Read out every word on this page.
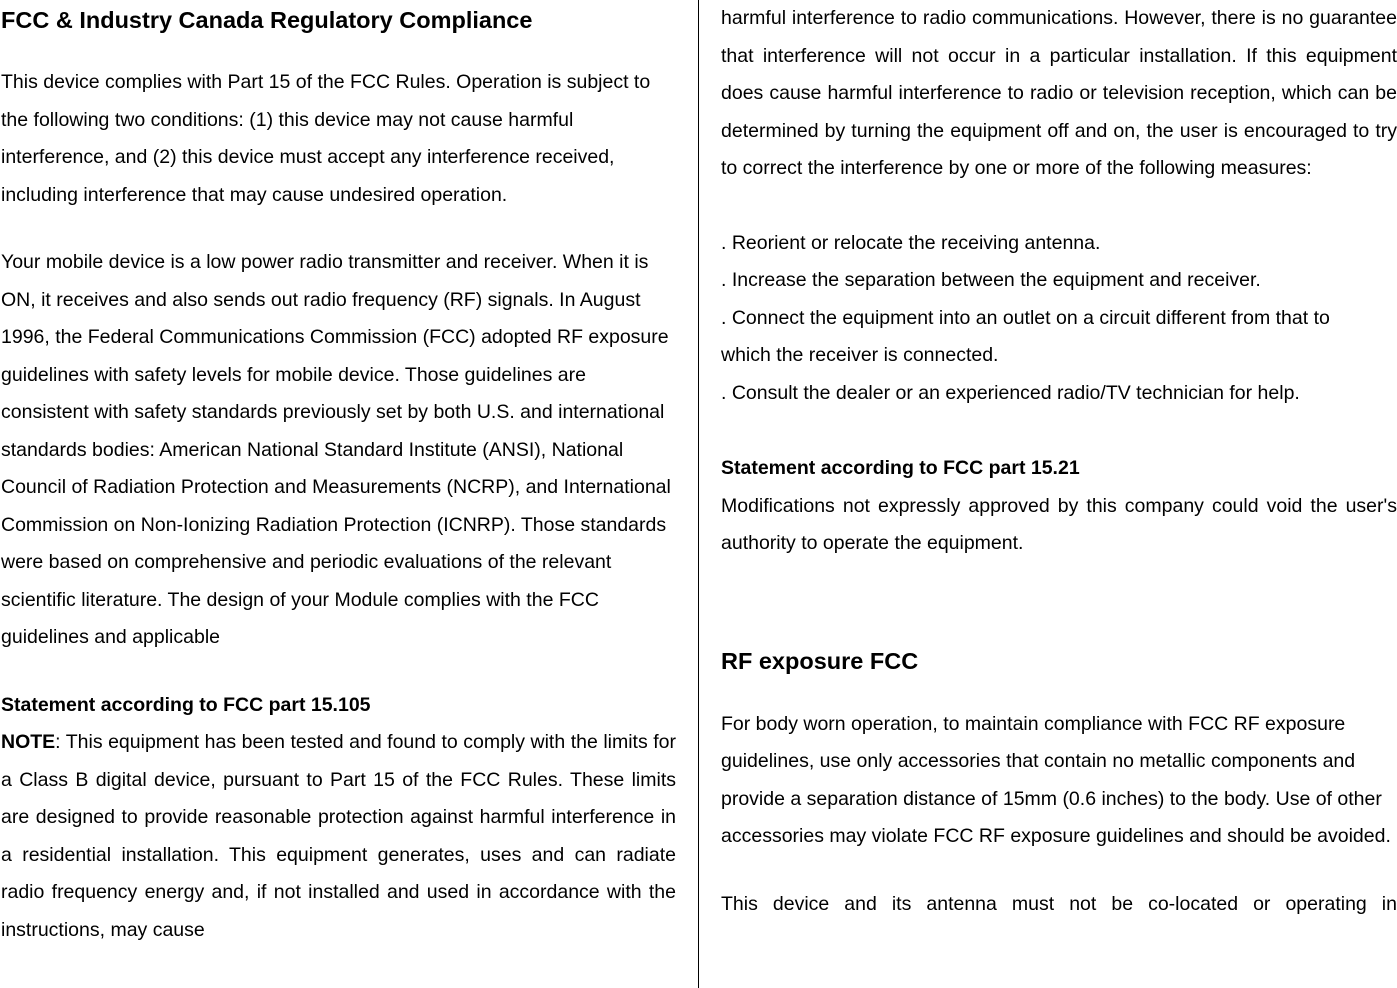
FCC & Industry Canada Regulatory Compliance

This device complies with Part 15 of the FCC Rules. Operation is subject to the following two conditions: (1) this device may not cause harmful interference, and (2) this device must accept any interference received, including interference that may cause undesired operation.

Your mobile device is a low power radio transmitter and receiver. When it is ON, it receives and also sends out radio frequency (RF) signals. In August 1996, the Federal Communications Commission (FCC) adopted RF exposure guidelines with safety levels for mobile device. Those guidelines are consistent with safety standards previously set by both U.S. and international standards bodies: American National Standard Institute (ANSI), National Council of Radiation Protection and Measurements (NCRP), and International Commission on Non-Ionizing Radiation Protection (ICNRP). Those standards were based on comprehensive and periodic evaluations of the relevant scientific literature. The design of your Module complies with the FCC guidelines and applicable

Statement according to FCC part 15.105

NOTE: This equipment has been tested and found to comply with the limits for a Class B digital device, pursuant to Part 15 of the FCC Rules. These limits are designed to provide reasonable protection against harmful interference in a residential installation. This equipment generates, uses and can radiate radio frequency energy and, if not installed and used in accordance with the instructions, may cause

harmful interference to radio communications. However, there is no guarantee that interference will not occur in a particular installation. If this equipment does cause harmful interference to radio or television reception, which can be determined by turning the equipment off and on, the user is encouraged to try to correct the interference by one or more of the following measures:

. Reorient or relocate the receiving antenna.

. Increase the separation between the equipment and receiver.

. Connect the equipment into an outlet on a circuit different from that to which the receiver is connected.

. Consult the dealer or an experienced radio/TV technician for help.

Statement according to FCC part 15.21

Modifications not expressly approved by this company could void the user's authority to operate the equipment.

RF exposure FCC

For body worn operation, to maintain compliance with FCC RF exposure guidelines, use only accessories that contain no metallic components and provide a separation distance of 15mm (0.6 inches) to the body. Use of other accessories may violate FCC RF exposure guidelines and should be avoided.

This device and its antenna must not be co-located or operating in
